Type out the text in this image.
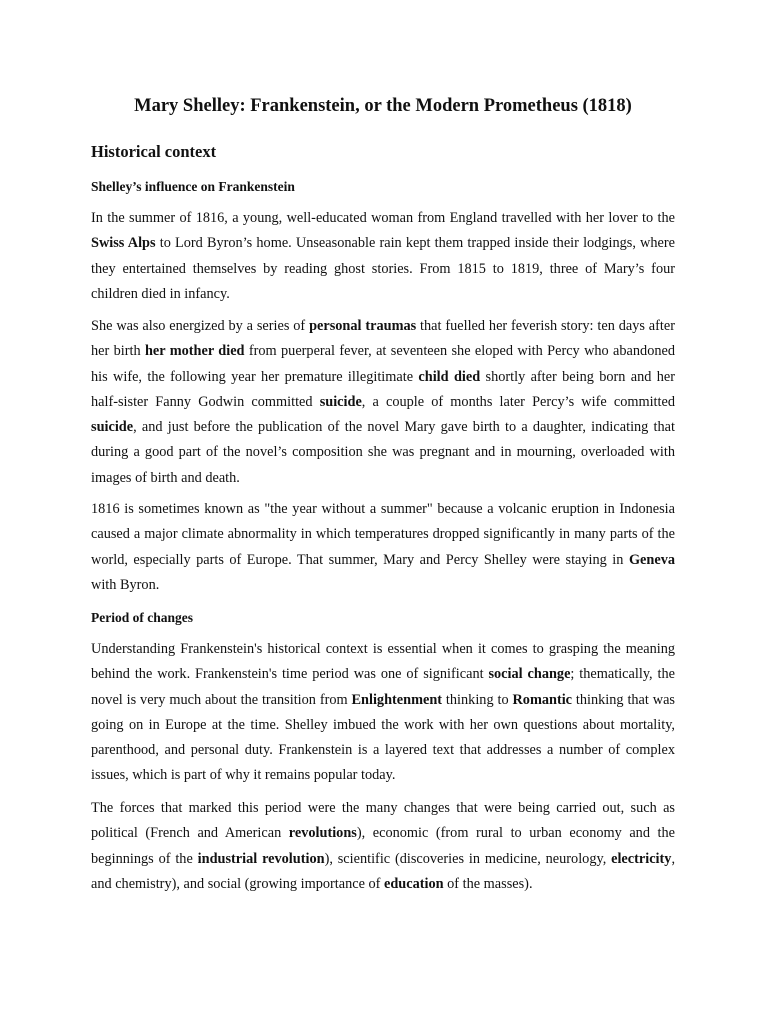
Mary Shelley: Frankenstein, or the Modern Prometheus (1818)
Historical context
Shelley’s influence on Frankenstein

In the summer of 1816, a young, well-educated woman from England travelled with her lover to the Swiss Alps to Lord Byron’s home. Unseasonable rain kept them trapped inside their lodgings, where they entertained themselves by reading ghost stories. From 1815 to 1819, three of Mary’s four children died in infancy.

She was also energized by a series of personal traumas that fuelled her feverish story: ten days after her birth her mother died from puerperal fever, at seventeen she eloped with Percy who abandoned his wife, the following year her premature illegitimate child died shortly after being born and her half-sister Fanny Godwin committed suicide, a couple of months later Percy’s wife committed suicide, and just before the publication of the novel Mary gave birth to a daughter, indicating that during a good part of the novel’s composition she was pregnant and in mourning, overloaded with images of birth and death.

1816 is sometimes known as "the year without a summer" because a volcanic eruption in Indonesia caused a major climate abnormality in which temperatures dropped significantly in many parts of the world, especially parts of Europe. That summer, Mary and Percy Shelley were staying in Geneva with Byron.

Period of changes

Understanding Frankenstein's historical context is essential when it comes to grasping the meaning behind the work. Frankenstein's time period was one of significant social change; thematically, the novel is very much about the transition from Enlightenment thinking to Romantic thinking that was going on in Europe at the time. Shelley imbued the work with her own questions about mortality, parenthood, and personal duty. Frankenstein is a layered text that addresses a number of complex issues, which is part of why it remains popular today.

The forces that marked this period were the many changes that were being carried out, such as political (French and American revolutions), economic (from rural to urban economy and the beginnings of the industrial revolution), scientific (discoveries in medicine, neurology, electricity, and chemistry), and social (growing importance of education of the masses).
